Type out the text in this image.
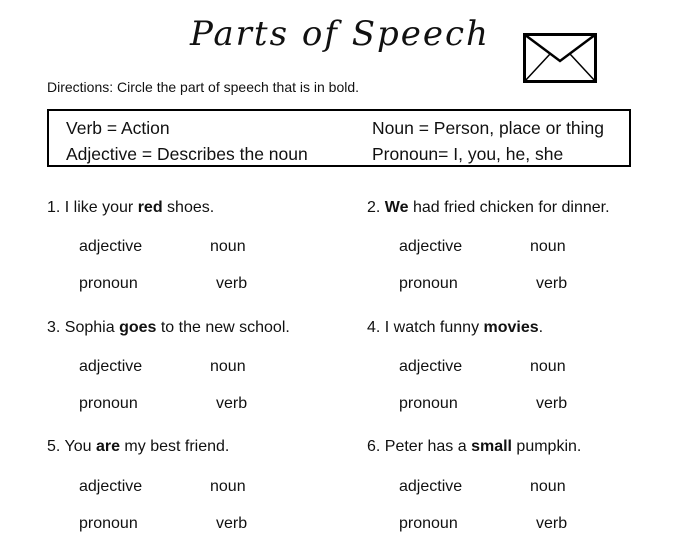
Parts of Speech
Directions: Circle the part of speech that is in bold.
Verb = Action
Adjective = Describes the noun
Noun = Person, place or thing
Pronoun= I, you, he, she
1. I like your red shoes.
adjective	noun
pronoun	verb
2. We had fried chicken for dinner.
adjective	noun
pronoun	verb
3. Sophia goes to the new school.
adjective	noun
pronoun	verb
4. I watch funny movies.
adjective	noun
pronoun	verb
5. You are my best friend.
adjective	noun
pronoun	verb
6. Peter has a small pumpkin.
adjective	noun
pronoun	verb
